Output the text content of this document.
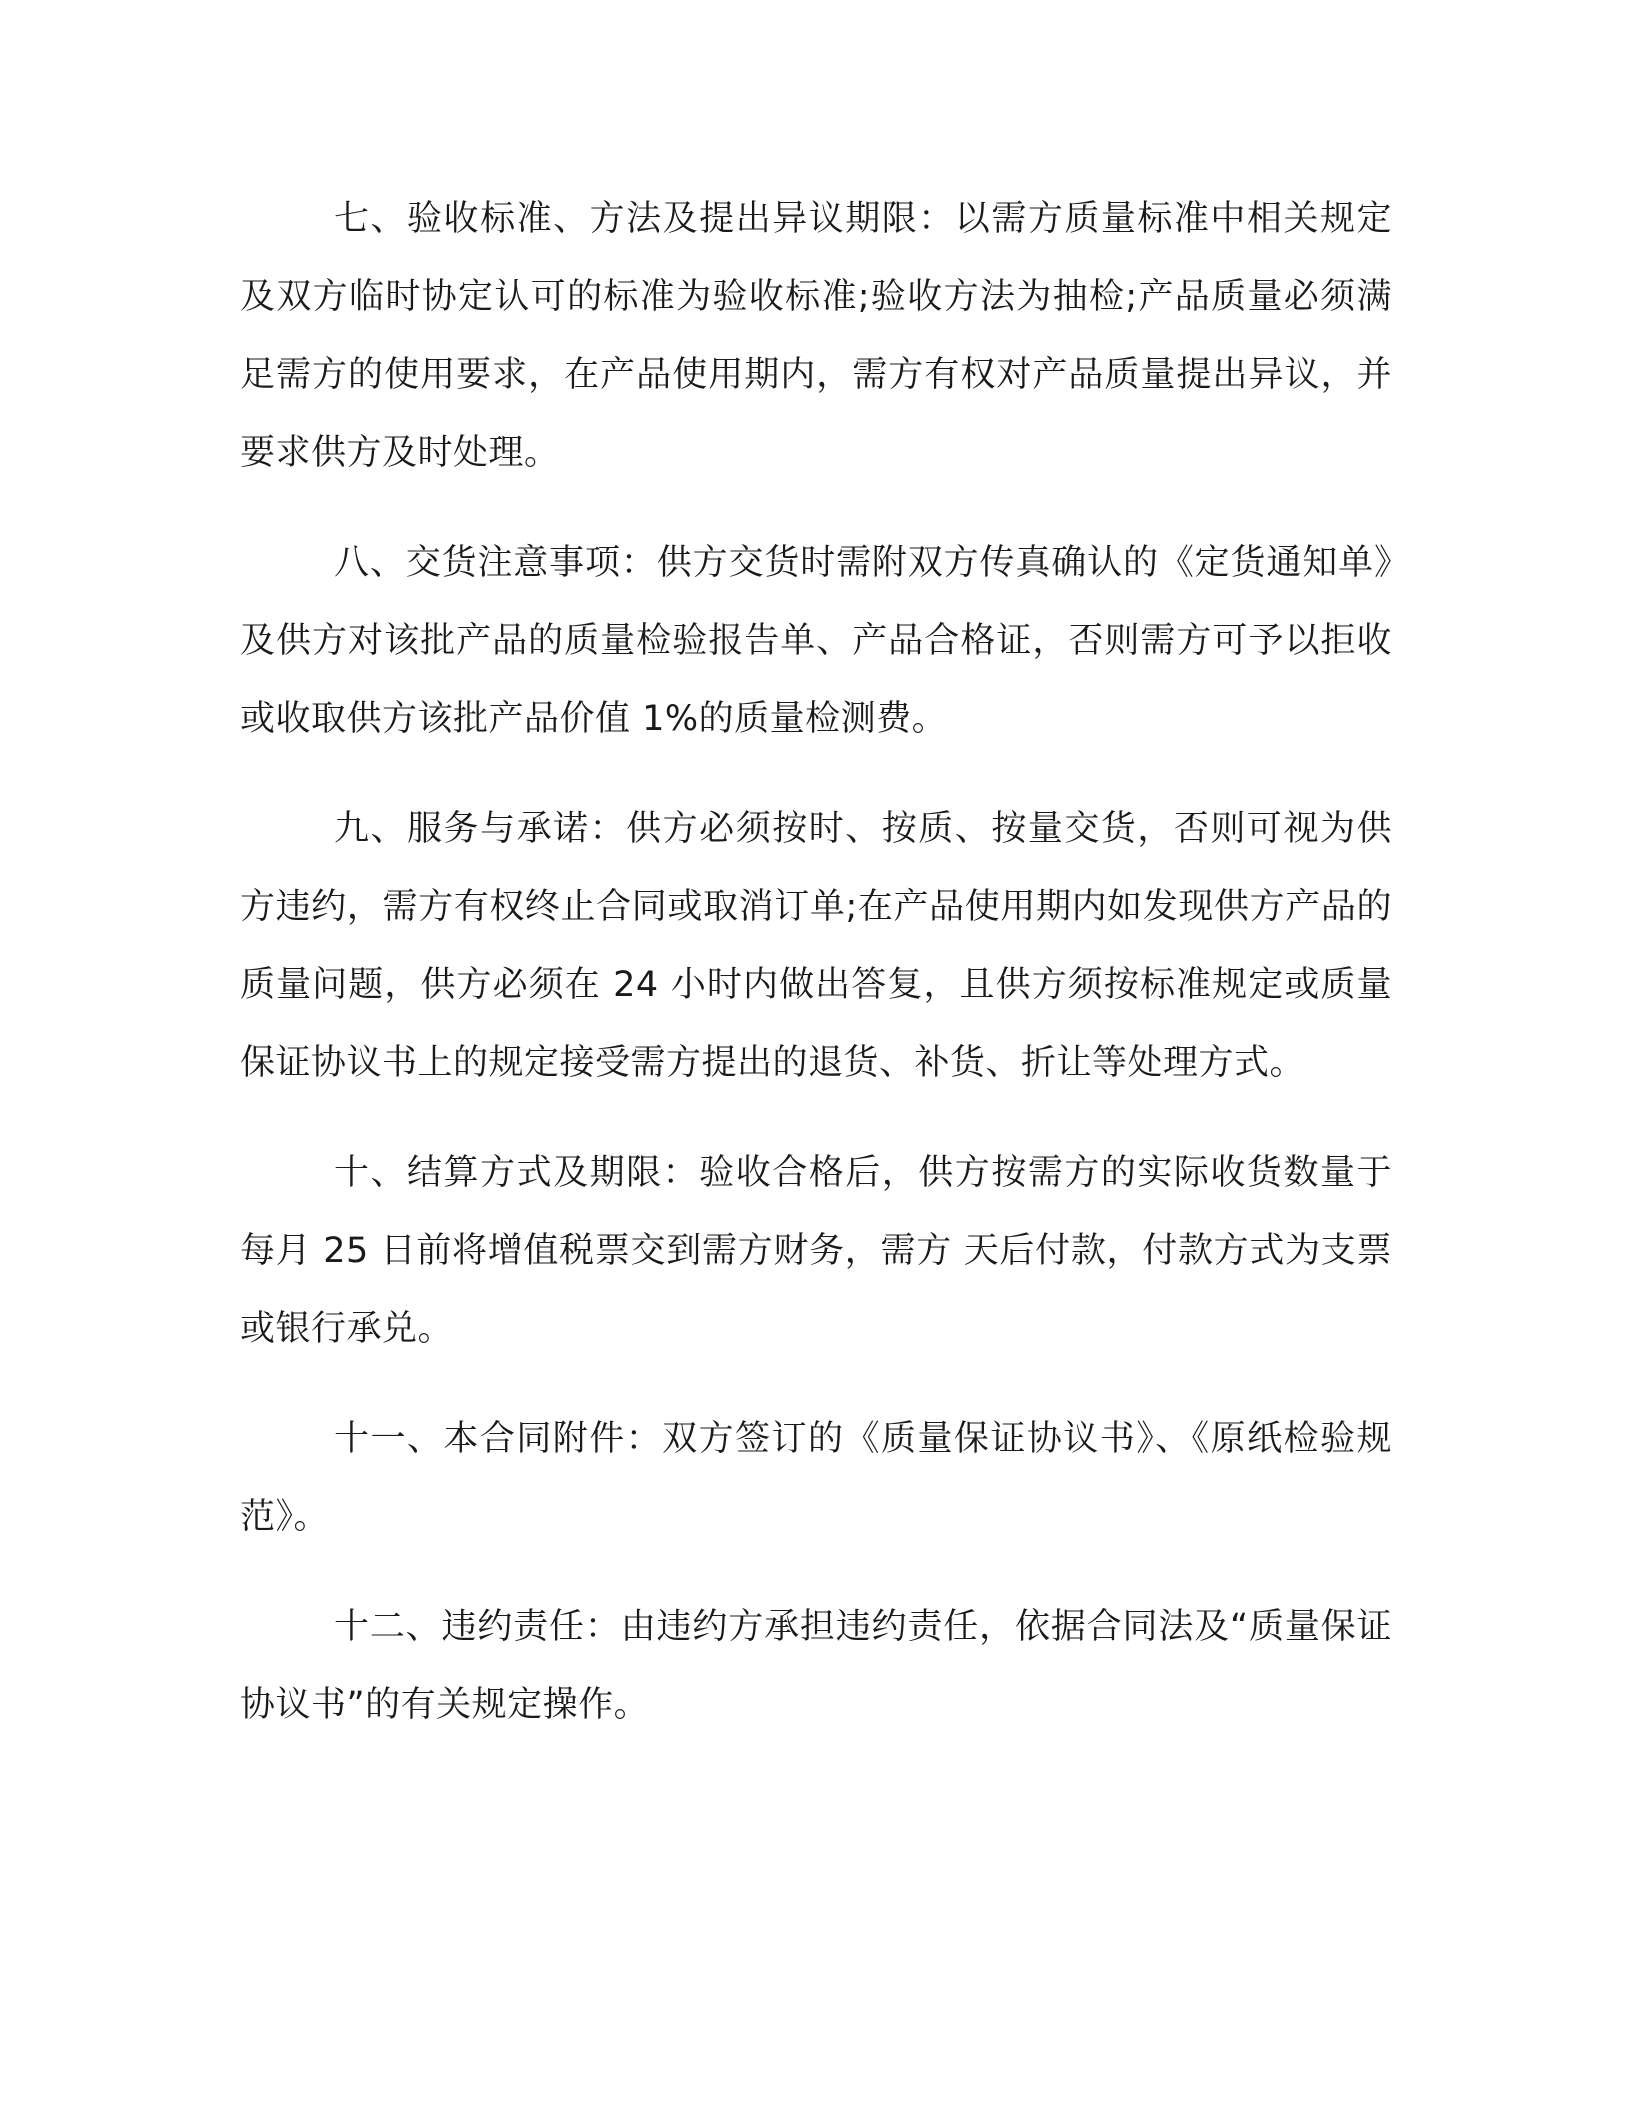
七、验收标准、方法及提出异议期限：以需方质量标准中相关规定及双方临时协定认可的标准为验收标准;验收方法为抽检;产品质量必须满足需方的使用要求，在产品使用期内，需方有权对产品质量提出异议，并要求供方及时处理。

八、交货注意事项：供方交货时需附双方传真确认的《定货通知单》及供方对该批产品的质量检验报告单、产品合格证，否则需方可予以拒收或收取供方该批产品价值 1%的质量检测费。

九、服务与承诺：供方必须按时、按质、按量交货，否则可视为供方违约，需方有权终止合同或取消订单;在产品使用期内如发现供方产品的质量问题，供方必须在 24 小时内做出答复，且供方须按标准规定或质量保证协议书上的规定接受需方提出的退货、补货、折让等处理方式。

十、结算方式及期限：验收合格后，供方按需方的实际收货数量于每月 25 日前将增值税票交到需方财务，需方 天后付款，付款方式为支票或银行承兑。

十一、本合同附件：双方签订的《质量保证协议书》、《原纸检验规范》。

十二、违约责任：由违约方承担违约责任，依据合同法及“质量保证协议书”的有关规定操作。
